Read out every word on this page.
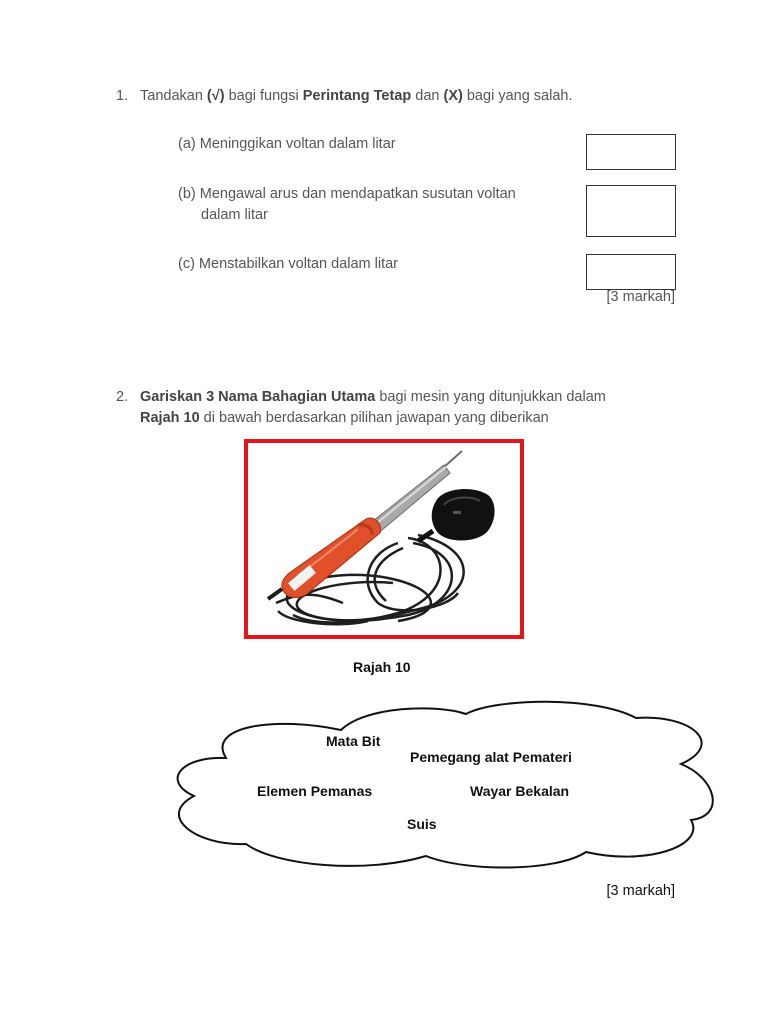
1. Tandakan (√) bagi fungsi Perintang Tetap dan (X) bagi yang salah.
(a) Meninggikan voltan dalam litar
(b) Mengawal arus dan mendapatkan susutan voltan
dalam litar
(c) Menstabilkan voltan dalam litar
[3 markah]
2. Gariskan 3 Nama Bahagian Utama bagi mesin yang ditunjukkan dalam
Rajah 10 di bawah berdasarkan pilihan jawapan yang diberikan
Rajah 10
Mata Bit
Pemegang alat Pemateri
Elemen Pemanas	Wayar Bekalan
Suis
[3 markah]
